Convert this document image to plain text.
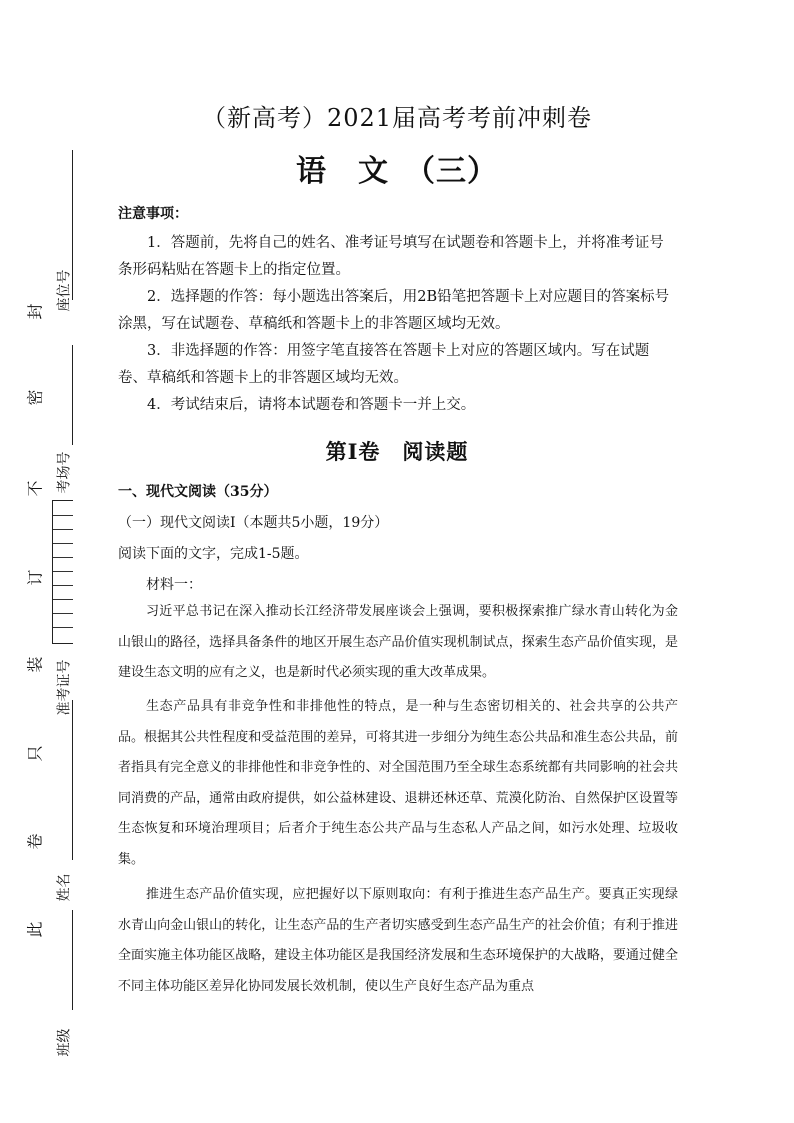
座位号
考场号
准考证号
姓名
班级
封
密
不
订
装
只
卷
此
（新高考）2021届高考考前冲刺卷
语　文　（三）
注意事项：

1．答题前，先将自己的姓名、准考证号填写在试题卷和答题卡上，并将准考证号条形码粘贴在答题卡上的指定位置。

2．选择题的作答：每小题选出答案后，用2B铅笔把答题卡上对应题目的答案标号涂黑，写在试题卷、草稿纸和答题卡上的非答题区域均无效。

3．非选择题的作答：用签字笔直接答在答题卡上对应的答题区域内。写在试题卷、草稿纸和答题卡上的非答题区域均无效。

4．考试结束后，请将本试题卷和答题卡一并上交。

第Ⅰ卷　阅读题
一、现代文阅读（35分）
（一）现代文阅读Ⅰ（本题共5小题，19分）
阅读下面的文字，完成1-5题。
材料一：

习近平总书记在深入推动长江经济带发展座谈会上强调，要积极探索推广绿水青山转化为金山银山的路径，选择具备条件的地区开展生态产品价值实现机制试点，探索生态产品价值实现，是建设生态文明的应有之义，也是新时代必须实现的重大改革成果。

生态产品具有非竞争性和非排他性的特点，是一种与生态密切相关的、社会共享的公共产品。根据其公共性程度和受益范围的差异，可将其进一步细分为纯生态公共品和准生态公共品，前者指具有完全意义的非排他性和非竞争性的、对全国范围乃至全球生态系统都有共同影响的社会共同消费的产品，通常由政府提供，如公益林建设、退耕还林还草、荒漠化防治、自然保护区设置等生态恢复和环境治理项目；后者介于纯生态公共产品与生态私人产品之间，如污水处理、垃圾收集。

推进生态产品价值实现，应把握好以下原则取向：有利于推进生态产品生产。要真正实现绿水青山向金山银山的转化，让生态产品的生产者切实感受到生态产品生产的社会价值；有利于推进全面实施主体功能区战略，建设主体功能区是我国经济发展和生态环境保护的大战略，要通过健全不同主体功能区差异化协同发展长效机制，使以生产良好生态产品为重点
